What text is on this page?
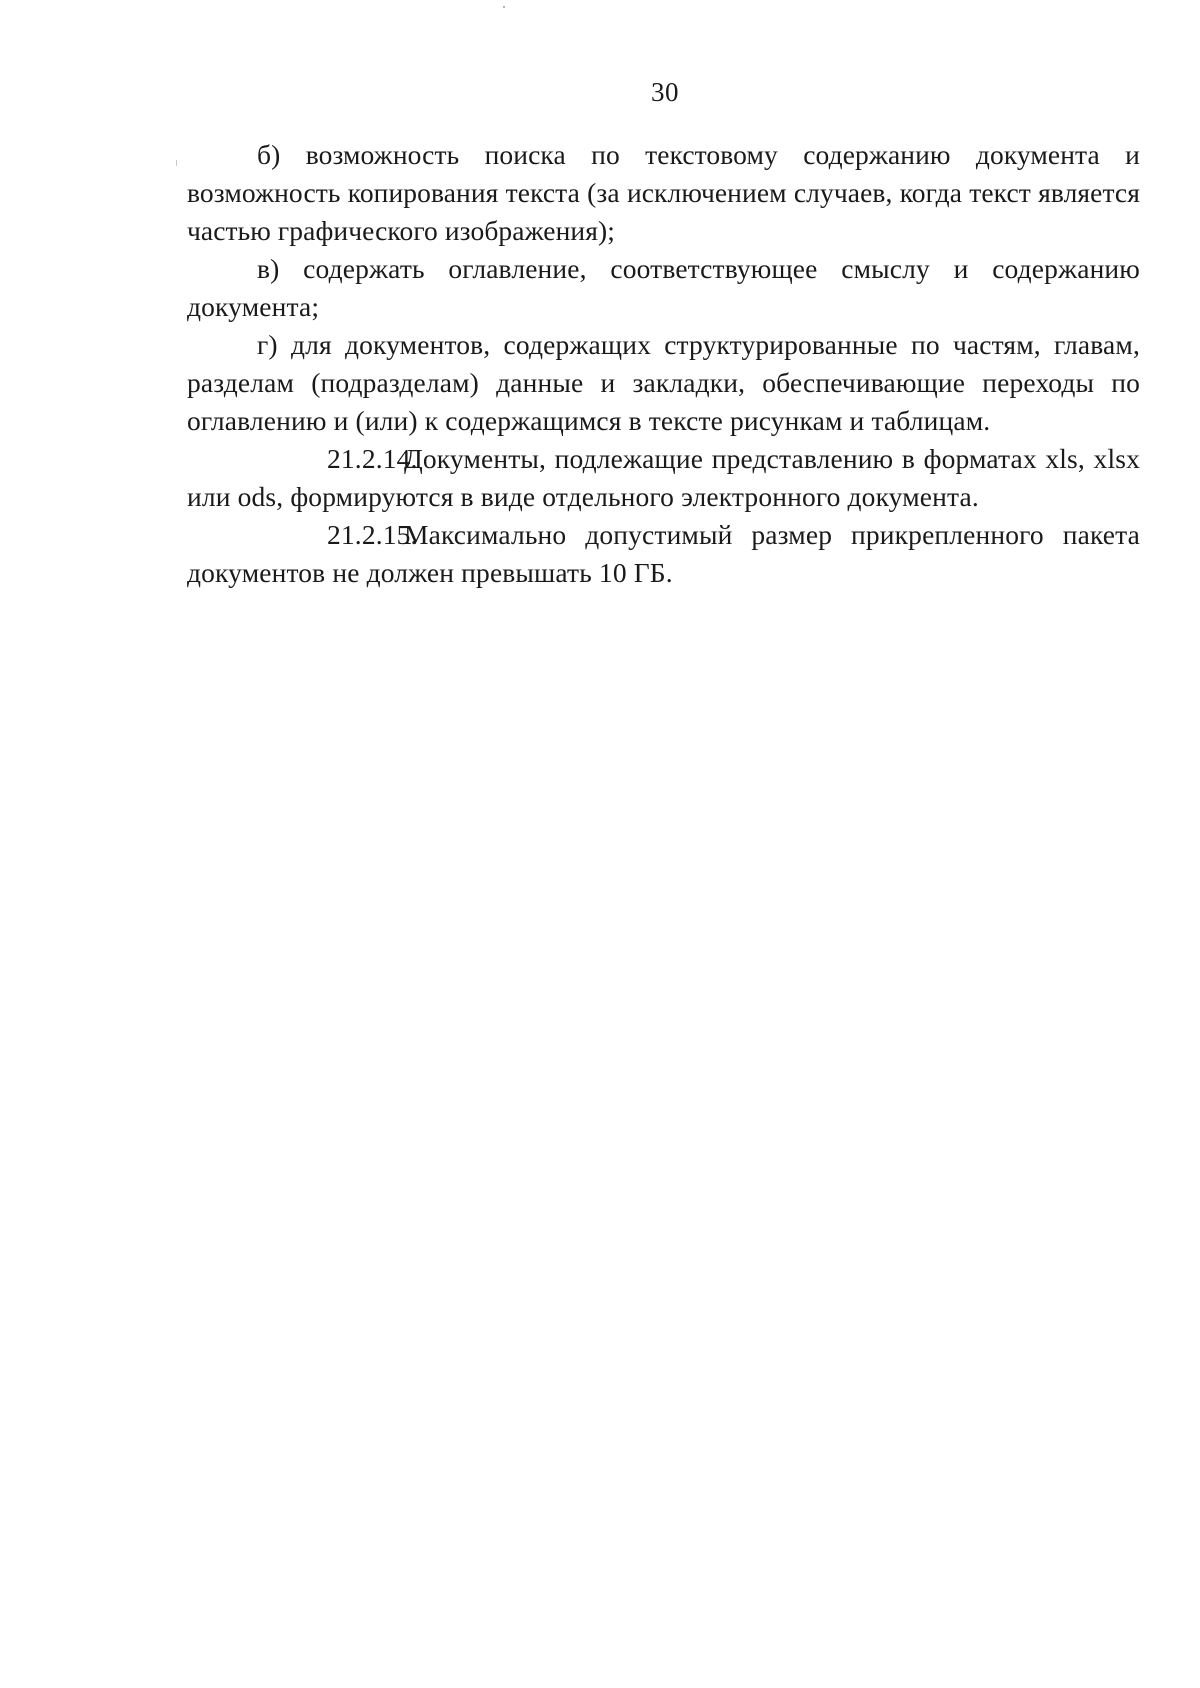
30

б) возможность поиска по текстовому содержанию документа и возможность копирования текста (за исключением случаев, когда текст является частью графического изображения);

в) содержать оглавление, соответствующее смыслу и содержанию документа;

г) для документов, содержащих структурированные по частям, главам, разделам (подразделам) данные и закладки, обеспечивающие переходы по оглавлению и (или) к содержащимся в тексте рисункам и таблицам.

21.2.14.Документы, подлежащие представлению в форматах xls, xlsx или ods, формируются в виде отдельного электронного документа.

21.2.15.Максимально допустимый размер прикрепленного пакета документов не должен превышать 10 ГБ.
